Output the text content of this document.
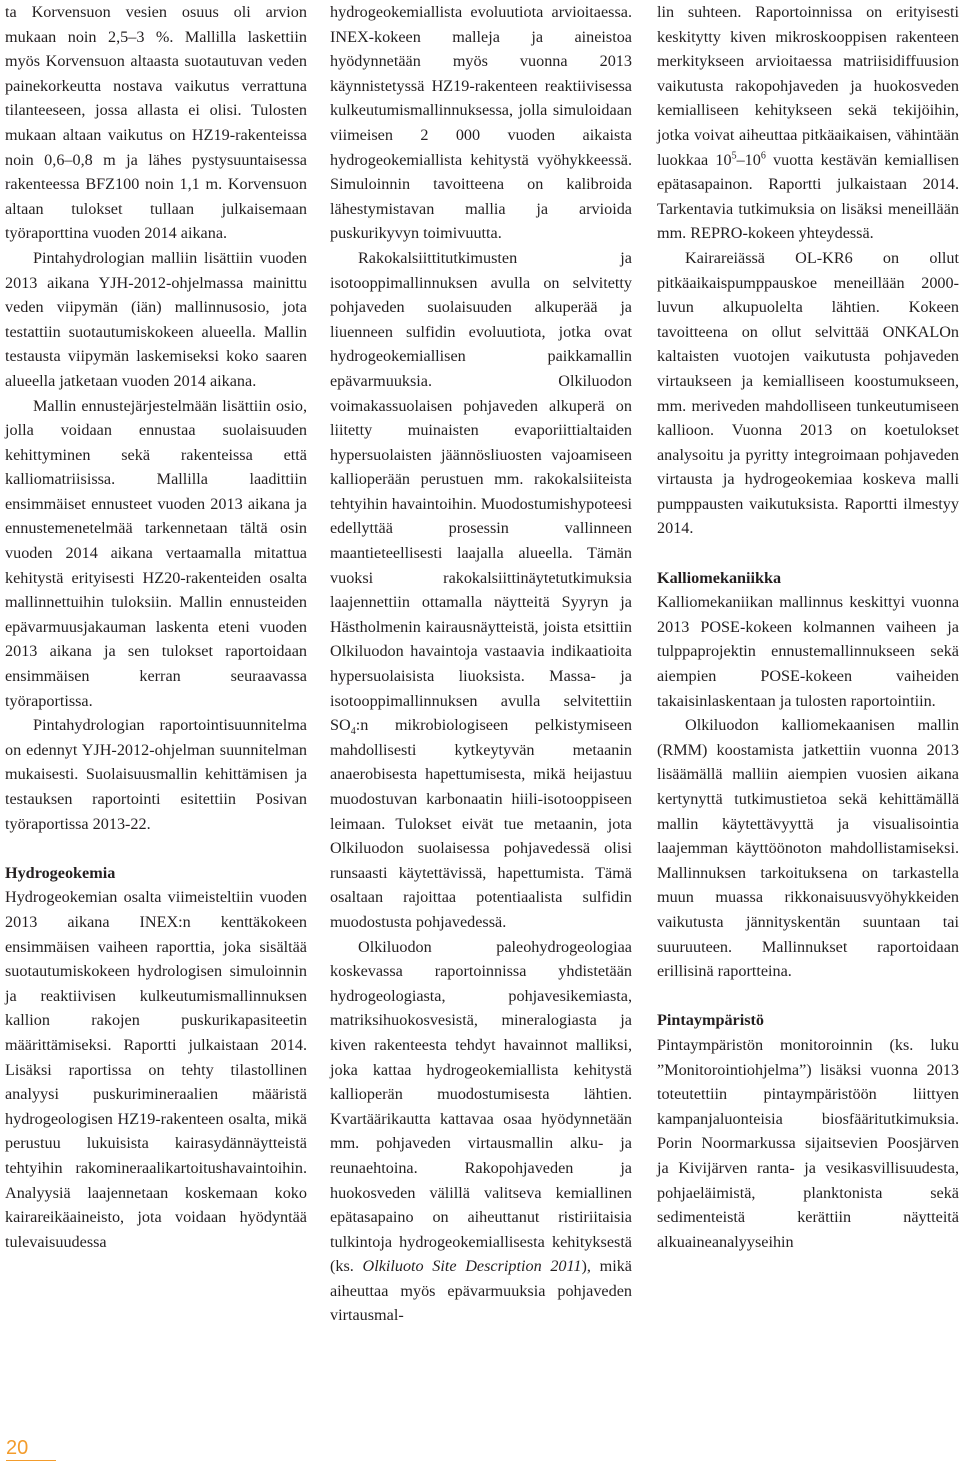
ta Korvensuon vesien osuus oli arvion mukaan noin 2,5–3 %. Mallilla laskettiin myös Korvensuon altaasta suotautuvan veden painekorkeutta nostava vaikutus verrattuna tilanteeseen, jossa allasta ei olisi. Tulosten mukaan altaan vaikutus on HZ19-rakenteissa noin 0,6–0,8 m ja lähes pystysuuntaisessa rakenteessa BFZ100 noin 1,1 m. Korvensuon altaan tulokset tullaan julkaisemaan työraporttina vuoden 2014 aikana.

Pintahydrologian malliin lisättiin vuoden 2013 aikana YJH-2012-ohjelmassa mainittu veden viipymän (iän) mallinnusosio, jota testattiin suotautumiskokeen alueella. Mallin testausta viipymän laskemiseksi koko saaren alueella jatketaan vuoden 2014 aikana.

Mallin ennustejärjestelmään lisättiin osio, jolla voidaan ennustaa suolaisuuden kehittyminen sekä rakenteissa että kalliomatriisissa. Mallilla laadittiin ensimmäiset ennusteet vuoden 2013 aikana ja ennustemenetelmää tarkennetaan tältä osin vuoden 2014 aikana vertaamalla mitattua kehitystä erityisesti HZ20-rakenteiden osalta mallinnettuihin tuloksiin. Mallin ennusteiden epävarmuusjakauman laskenta eteni vuoden 2013 aikana ja sen tulokset raportoidaan ensimmäisen kerran seuraavassa työraportissa.

Pintahydrologian raportointisuunnitelma on edennyt YJH-2012-ohjelman suunnitelman mukaisesti. Suolaisuusmallin kehittämisen ja testauksen raportointi esitettiin Posivan työraportissa 2013-22.

Hydrogeokemia

Hydrogeokemian osalta viimeisteltiin vuoden 2013 aikana INEX:n kenttäkokeen ensimmäisen vaiheen raporttia, joka sisältää suotautumiskokeen hydrologisen simuloinnin ja reaktiivisen kulkeutumismallinnuksen kallion rakojen puskurikapasiteetin määrittämiseksi. Raportti julkaistaan 2014. Lisäksi raportissa on tehty tilastollinen analyysi puskurimineraalien määristä hydrogeologisen HZ19-rakenteen osalta, mikä perustuu lukuisista kairasydännäytteistä tehtyihin rakomineraalikartoitushavaintoihin. Analyysiä laajennetaan koskemaan koko kairareikäaineisto, jota voidaan hyödyntää tulevaisuudessa

hydrogeokemiallista evoluutiota arvioitaessa. INEX-kokeen malleja ja aineistoa hyödynnetään myös vuonna 2013 käynnistetyssä HZ19-rakenteen reaktiivisessa kulkeutumismallinnuksessa, jolla simuloidaan viimeisen 2 000 vuoden aikaista hydrogeokemiallista kehitystä vyöhykkeessä. Simuloinnin tavoitteena on kalibroida lähestymistavan mallia ja arvioida puskurikyvyn toimivuutta.

Rakokalsiittitutkimusten ja isotooppimallinnuksen avulla on selvitetty pohjaveden suolaisuuden alkuperää ja liuenneen sulfidin evoluutiota, jotka ovat hydrogeokemiallisen paikkamallin epävarmuuksia. Olkiluodon voimakassuolaisen pohjaveden alkuperä on liitetty muinaisten evaporiittialtaiden hypersuolaisten jäännösliuosten vajoamiseen kallioperään perustuen mm. rakokalsiiteista tehtyihin havaintoihin. Muodostumishypoteesi edellyttää prosessin vallinneen maantieteellisesti laajalla alueella. Tämän vuoksi rakokalsiittinäytetutkimuksia laajennettiin ottamalla näytteitä Syyryn ja Hästholmenin kairausnäytteistä, joista etsittiin Olkiluodon havaintoja vastaavia indikaatioita hypersuolaisista liuoksista. Massa- ja isotooppimallinnuksen avulla selvitettiin $SO_4:n$ mikrobiologiseen pelkistymiseen mahdollisesti kytkeytyvän metaanin anaerobisesta hapettumisesta, mikä heijastuu muodostuvan karbonaatin hiili-isotooppiseen leimaan. Tulokset eivät tue metaanin, jota Olkiluodon suolaisessa pohjavedessä olisi runsaasti käytettävissä, hapettumista. Tämä osaltaan rajoittaa potentiaalista sulfidin muodostusta pohjavedessä.

Olkiluodon paleohydrogeologiaa koskevassa raportoinnissa yhdistetään hydrogeologiasta, pohjavesikemiasta, matriksihuokosvesistä, mineralogiasta ja kiven rakenteesta tehdyt havainnot malliksi, joka kattaa hydrogeokemiallista kehitystä kallioperän muodostumisesta lähtien. Kvartäärikautta kattavaa osaa hyödynnetään mm. pohjaveden virtausmallin alku- ja reunaehtoina. Rakopohjaveden ja huokosveden välillä valitseva kemiallinen epätasapaino on aiheuttanut ristiriitaisia tulkintoja hydrogeokemiallisesta kehityksestä (ks. Olkiluoto Site Description 2011), mikä aiheuttaa myös epävarmuuksia pohjaveden virtausmal-

lin suhteen. Raportoinnissa on erityisesti keskitytty kiven mikroskooppisen rakenteen merkitykseen arvioitaessa matriisidiffuusion vaikutusta rakopohjaveden ja huokosveden kemialliseen kehitykseen sekä tekijöihin, jotka voivat aiheuttaa pitkäaikaisen, vähintään luokkaa $10^5-10^6$ vuotta kestävän kemiallisen epätasapainon. Raportti julkaistaan 2014. Tarkentavia tutkimuksia on lisäksi meneillään mm. REPRO-kokeen yhteydessä.

Kairareiässä OL-KR6 on ollut pitkäaikaispumppauskoe meneillään 2000-luvun alkupuolelta lähtien. Kokeen tavoitteena on ollut selvittää ONKALOn kaltaisten vuotojen vaikutusta pohjaveden virtaukseen ja kemialliseen koostumukseen, mm. meriveden mahdolliseen tunkeutumiseen kallioon. Vuonna 2013 on koetulokset analysoitu ja pyritty integroimaan pohjaveden virtausta ja hydrogeokemiaa koskeva malli pumppausten vaikutuksista. Raportti ilmestyy 2014.

Kalliomekaniikka

Kalliomekaniikan mallinnus keskittyi vuonna 2013 POSE-kokeen kolmannen vaiheen ja tulppaprojektin ennustemallinnukseen sekä aiempien POSE-kokeen vaiheiden takaisinlaskentaan ja tulosten raportointiin.

Olkiluodon kalliomekaanisen mallin (RMM) koostamista jatkettiin vuonna 2013 lisäämällä malliin aiempien vuosien aikana kertynyttä tutkimustietoa sekä kehittämällä mallin käytettävyyttä ja visualisointia laajemman käyttöönoton mahdollistamiseksi. Mallinnuksen tarkoituksena on tarkastella muun muassa rikkonaisuusvyöhykkeiden vaikutusta jännityskentän suuntaan tai suuruuteen. Mallinnukset raportoidaan erillisinä raportteina.

Pintaympäristö

Pintaympäristön monitoroinnin (ks. luku ”Monitorointiohjelma”) lisäksi vuonna 2013 toteutettiin pintaympäristöön liittyen kampanjaluonteisia biosfääritutkimuksia. Porin Noormarkussa sijaitsevien Poosjärven ja Kivijärven ranta- ja vesikasvillisuudesta, pohjaeläimistä, planktonista sekä sedimenteistä kerättiin näytteitä alkuaineanalyyseihin

20
